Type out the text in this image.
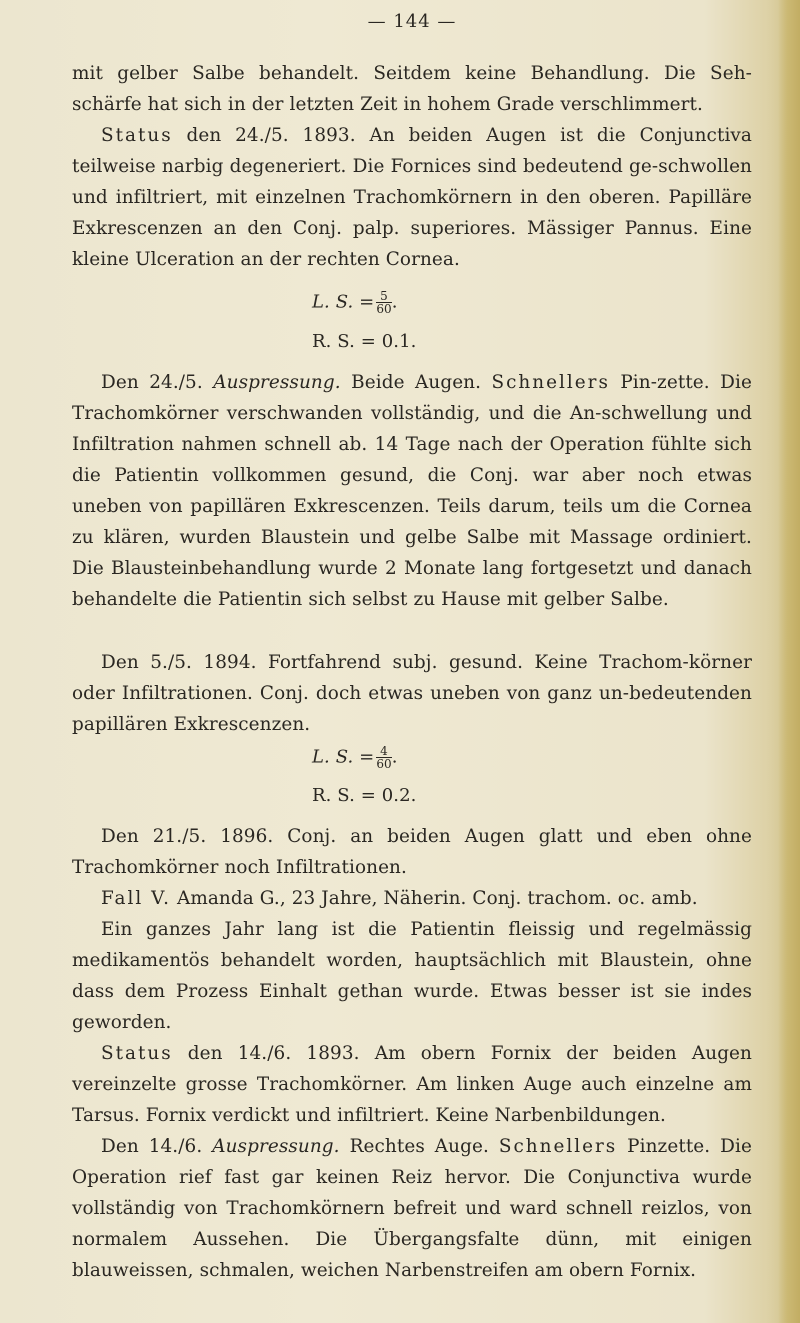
— 144 —

mit gelber Salbe behandelt. Seitdem keine Behandlung. Die Seh-schärfe hat sich in der letzten Zeit in hohem Grade verschlimmert.

Status den 24./5. 1893. An beiden Augen ist die Conjunctiva teilweise narbig degeneriert. Die Fornices sind bedeutend ge-schwollen und infiltriert, mit einzelnen Trachomkörnern in den oberen. Papilläre Exkrescenzen an den Conj. palp. superiores. Mässiger Pannus. Eine kleine Ulceration an der rechten Cornea.

L. S. = $\frac{5}{60}$ .
R. S. = 0.1.

Den 24./5. Auspressung. Beide Augen. Schnellers Pin-zette. Die Trachomkörner verschwanden vollständig, und die An-schwellung und Infiltration nahmen schnell ab. 14 Tage nach der Operation fühlte sich die Patientin vollkommen gesund, die Conj. war aber noch etwas uneben von papillären Exkrescenzen. Teils darum, teils um die Cornea zu klären, wurden Blaustein und gelbe Salbe mit Massage ordiniert. Die Blausteinbehandlung wurde 2 Monate lang fortgesetzt und danach behandelte die Patientin sich selbst zu Hause mit gelber Salbe.

Den 5./5. 1894. Fortfahrend subj. gesund. Keine Trachom-körner oder Infiltrationen. Conj. doch etwas uneben von ganz un-bedeutenden papillären Exkrescenzen.

L. S. = $\frac{4}{60}$ .
R. S. = 0.2.

Den 21./5. 1896. Conj. an beiden Augen glatt und eben ohne Trachomkörner noch Infiltrationen.

Fall V. Amanda G., 23 Jahre, Näherin. Conj. trachom. oc. amb.

Ein ganzes Jahr lang ist die Patientin fleissig und regelmässig medikamentös behandelt worden, hauptsächlich mit Blaustein, ohne dass dem Prozess Einhalt gethan wurde. Etwas besser ist sie indes geworden.

Status den 14./6. 1893. Am obern Fornix der beiden Augen vereinzelte grosse Trachomkörner. Am linken Auge auch einzelne am Tarsus. Fornix verdickt und infiltriert. Keine Narbenbildungen.

Den 14./6. Auspressung. Rechtes Auge. Schnellers Pinzette. Die Operation rief fast gar keinen Reiz hervor. Die Conjunctiva wurde vollständig von Trachomkörnern befreit und ward schnell reizlos, von normalem Aussehen. Die Übergangsfalte dünn, mit einigen blauweissen, schmalen, weichen Narbenstreifen am obern Fornix.
